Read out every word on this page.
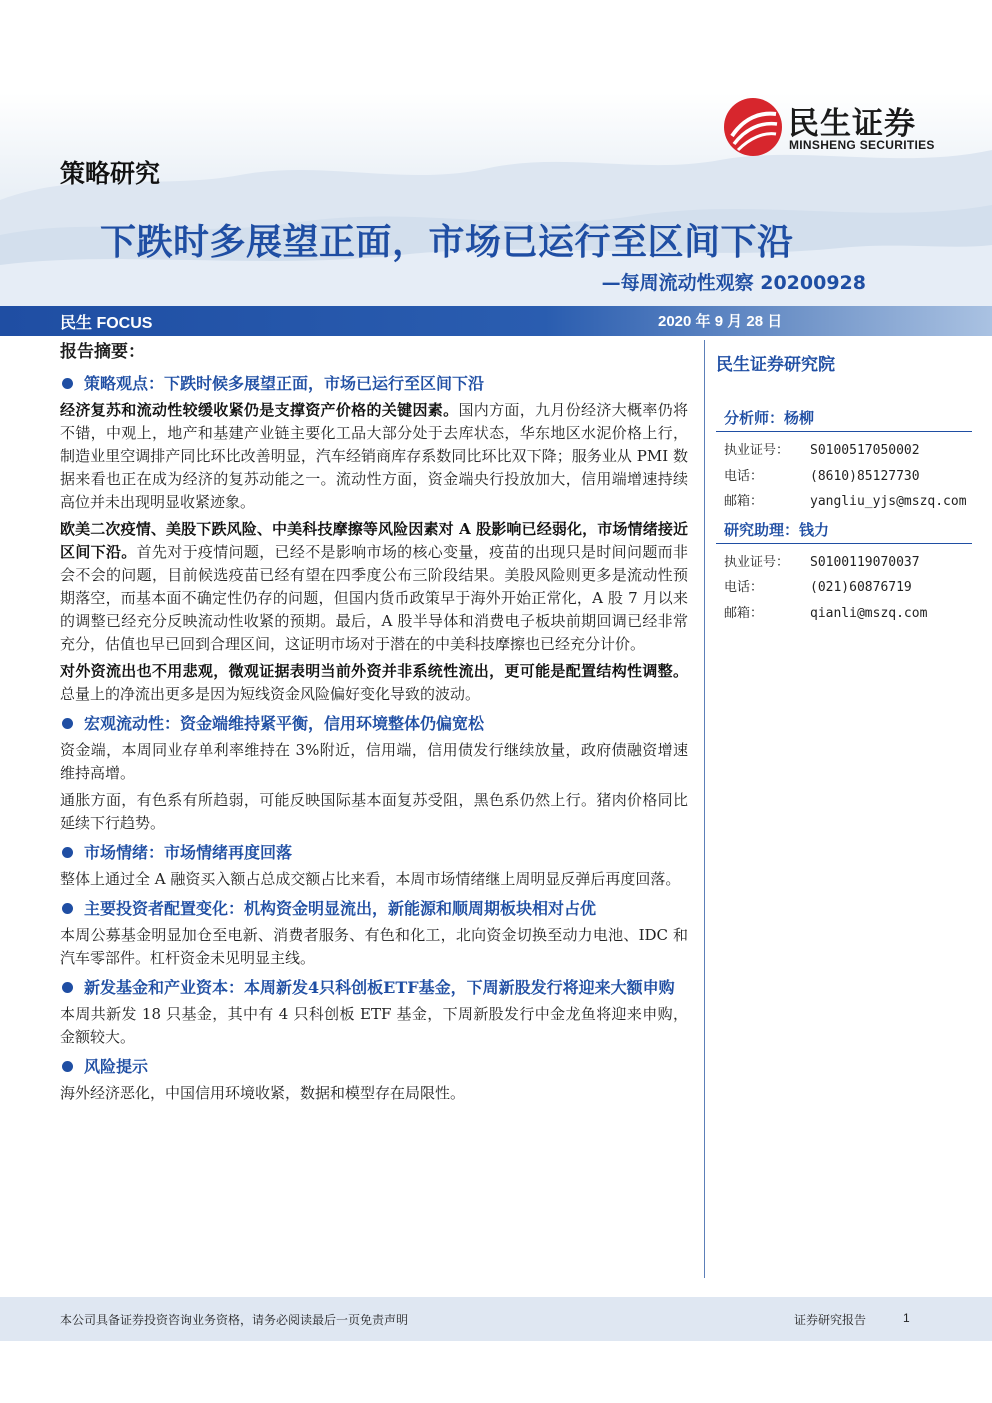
民生证券
MINSHENG SECURITIES
策略研究
下跌时多展望正面，市场已运行至区间下沿
—每周流动性观察 20200928
民生 FOCUS	2020 年 9 月 28 日
报告摘要：
策略观点：下跌时候多展望正面，市场已运行至区间下沿
经济复苏和流动性较缓收紧仍是支撑资产价格的关键因素。国内方面，九月份经济大概率仍将不错，中观上，地产和基建产业链主要化工品大部分处于去库状态，华东地区水泥价格上行，制造业里空调排产同比环比改善明显，汽车经销商库存系数同比环比双下降；服务业从 PMI 数据来看也正在成为经济的复苏动能之一。流动性方面，资金端央行投放加大，信用端增速持续高位并未出现明显收紧迹象。
欧美二次疫情、美股下跌风险、中美科技摩擦等风险因素对 A 股影响已经弱化，市场情绪接近区间下沿。首先对于疫情问题，已经不是影响市场的核心变量，疫苗的出现只是时间问题而非会不会的问题，目前候选疫苗已经有望在四季度公布三阶段结果。美股风险则更多是流动性预期落空，而基本面不确定性仍存的问题，但国内货币政策早于海外开始正常化，A 股 7 月以来的调整已经充分反映流动性收紧的预期。最后，A 股半导体和消费电子板块前期回调已经非常充分，估值也早已回到合理区间，这证明市场对于潜在的中美科技摩擦也已经充分计价。
对外资流出也不用悲观，微观证据表明当前外资并非系统性流出，更可能是配置结构性调整。总量上的净流出更多是因为短线资金风险偏好变化导致的波动。
宏观流动性：资金端维持紧平衡，信用环境整体仍偏宽松
资金端，本周同业存单利率维持在 3%附近，信用端，信用债发行继续放量，政府债融资增速维持高增。
通胀方面，有色系有所趋弱，可能反映国际基本面复苏受阻，黑色系仍然上行。猪肉价格同比延续下行趋势。
市场情绪：市场情绪再度回落
整体上通过全 A 融资买入额占总成交额占比来看，本周市场情绪继上周明显反弹后再度回落。
主要投资者配置变化：机构资金明显流出，新能源和顺周期板块相对占优
本周公募基金明显加仓至电新、消费者服务、有色和化工，北向资金切换至动力电池、IDC 和汽车零部件。杠杆资金未见明显主线。
新发基金和产业资本：本周新发4只科创板ETF基金，下周新股发行将迎来大额申购
本周共新发 18 只基金，其中有 4 只科创板 ETF 基金，下周新股发行中金龙鱼将迎来申购，金额较大。
风险提示
海外经济恶化，中国信用环境收紧，数据和模型存在局限性。
民生证券研究院
分析师：杨柳
执业证号：	S0100517050002
电话：	(8610)85127730
邮箱：	yangliu_yjs@mszq.com
研究助理：钱力
执业证号：	S0100119070037
电话：	(021)60876719
邮箱：	qianli@mszq.com
本公司具备证券投资咨询业务资格，请务必阅读最后一页免责声明	证券研究报告	1
